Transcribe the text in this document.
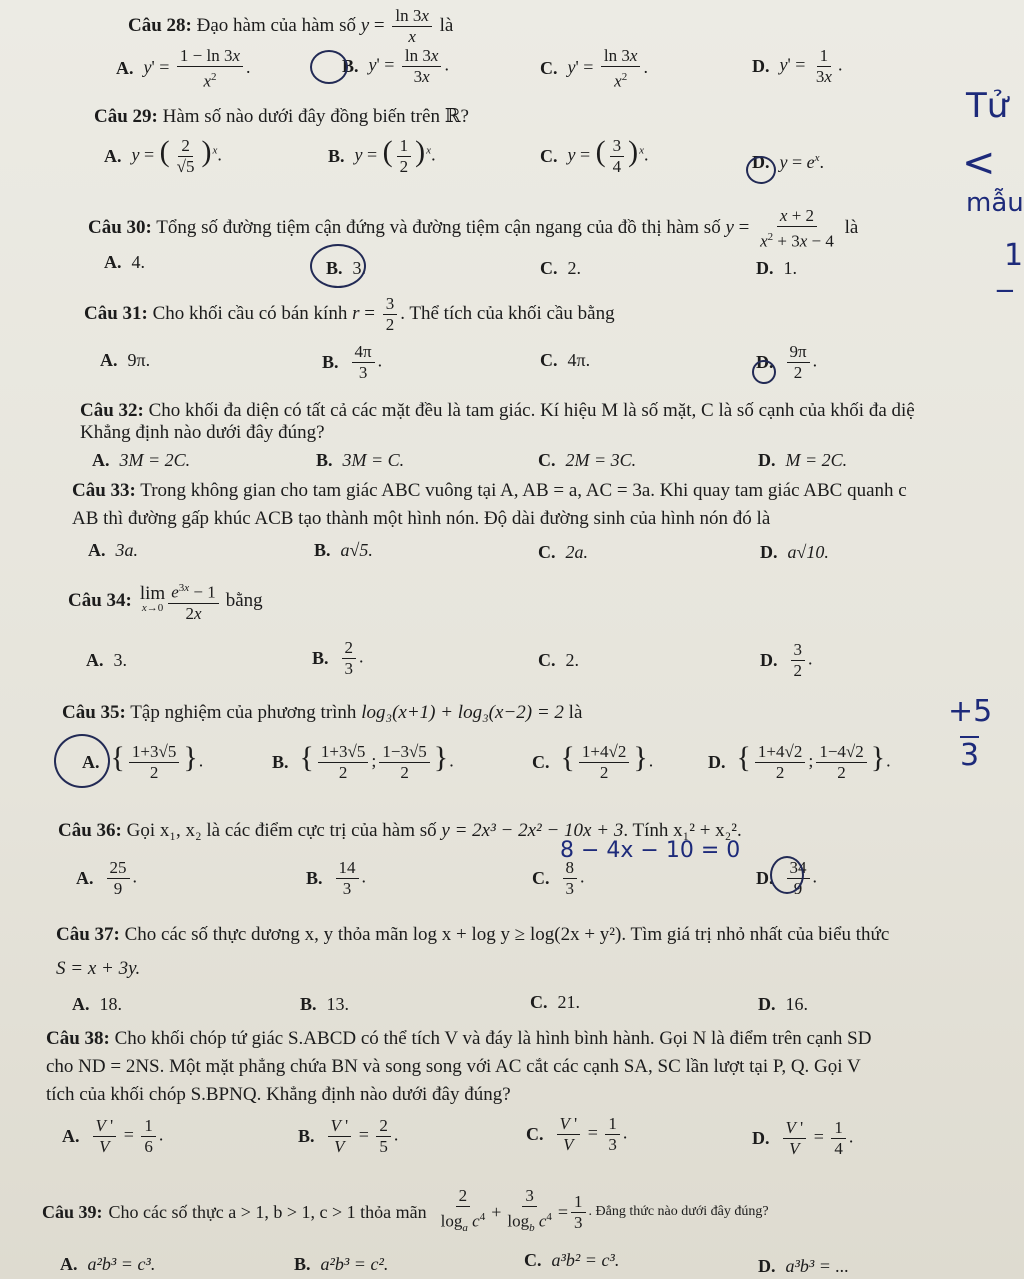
Câu 28: Đạo hàm của hàm số $y = \frac{\ln 3x}{x}$ là
A. $y' = \frac{1 - \ln 3x}{x^2}$ .	B. $y' = \frac{\ln 3x}{3x}$ .	C. $y' = \frac{\ln 3x}{x^2}$ .	D. $y' = \frac{1}{3x}$ .
Câu 29: Hàm số nào dưới đây đồng biến trên ℝ?
A. y = ( $\frac{2}{√5} )^x$.	B. y = ( $\frac{1}{2} )^x$.	C. y = ( $\frac{3}{4} )^x$.	D. $y = e^x$.
Câu 30: Tổng số đường tiệm cận đứng và đường tiệm cận ngang của đồ thị hàm số $y = \frac{x + 2}{x^2 + 3x - 4}$ là
A. 4.	B. 3.	C. 2.	D. 1.
Câu 31: Cho khối cầu có bán kính $r = \frac{3}{2}$ . Thể tích của khối cầu bằng
A. 9π.	B. $\frac{4\pi}{3}$ .	C. 4π.	D. $\frac{9\pi}{2}$ .
Câu 32: Cho khối đa diện có tất cả các mặt đều là tam giác. Kí hiệu M là số mặt, C là số cạnh của khối đa diệ
Khẳng định nào dưới đây đúng?
A. 3M = 2C.	B. 3M = C.	C. 2M = 3C.	D. M = 2C.
Câu 33: Trong không gian cho tam giác ABC vuông tại A, AB = a, AC = 3a. Khi quay tam giác ABC quanh c
AB thì đường gấp khúc ACB tạo thành một hình nón. Độ dài đường sinh của hình nón đó là
A. 3a.	B. a√5.	C. 2a.	D. a√10.
Câu 34: lim
$x\to 0 \frac{e^{3x} - 1}{2x}$ bằng
A. 3.	B. $\frac{2}{3}$ .	C. 2.	D. $\frac{3}{2}$ .
Câu 35: Tập nghiệm của phương trình log₃(x+1) + log₃(x−2) = 2 là
A. { $\frac{1+3√5}{2}$ }.	B. { $\frac{1+3√5}{2}$ ; $\frac{1-3√5}{2}$ }.	C. { $\frac{1+4√2}{2}$ }.	D. { $\frac{1+4√2}{2}$ ; $\frac{1-4√2}{2}$ }.
Câu 36: Gọi x₁, x₂ là các điểm cực trị của hàm số y = 2x³ − 2x² − 10x + 3. Tính x₁² + x₂².
A. $\frac{25}{9}$ .	B. $\frac{14}{3}$ .	C. $\frac{8}{3}$ .	D. $\frac{34}{9}$ .
8 − 4x − 10 = 0
Câu 37: Cho các số thực dương x, y thỏa mãn log x + log y ≥ log(2x + y²). Tìm giá trị nhỏ nhất của biểu thức
S = x + 3y.
A. 18.	B. 13.	C. 21.	D. 16.
Câu 38: Cho khối chóp tứ giác S.ABCD có thể tích V và đáy là hình bình hành. Gọi N là điểm trên cạnh SD
cho ND = 2NS. Một mặt phẳng chứa BN và song song với AC cắt các cạnh SA, SC lần lượt tại P, Q. Gọi V
tích của khối chóp S.BPNQ. Khẳng định nào dưới đây đúng?
A. $\frac{V '}{V} = \frac{1}{6}$ .	B. $\frac{V '}{V} = \frac{2}{5}$ .	C. $\frac{V '}{V} = \frac{1}{3}$ .	D. $\frac{V '}{V} = \frac{1}{4}$ .
Câu 39: Cho các số thực a > 1, b > 1, c > 1 thỏa mãn $\frac{2}{\log_a c^4} + \frac{3}{\log_b c^4} = \frac{1}{3}$ . Đẳng thức nào dưới đây đúng?
A. a²b³ = c³.	B. a²b³ = c².	C. a³b² = c³.	D. a³b³ = ...
Tử
<
mẫu
1
−
+5
3
